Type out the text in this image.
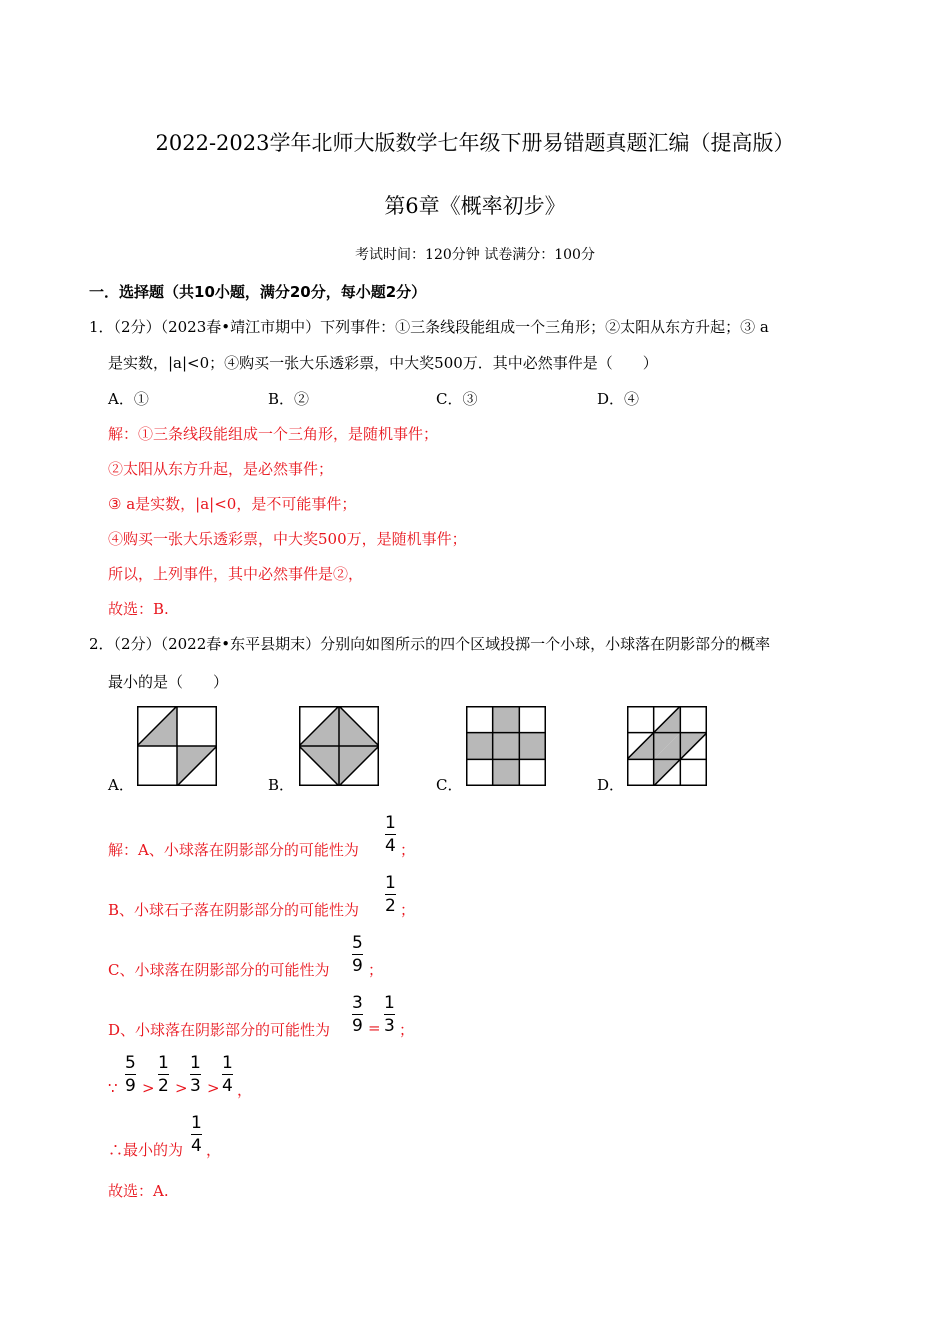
2022-2023学年北师大版数学七年级下册易错题真题汇编（提高版）
第6章《概率初步》
考试时间：120分钟 试卷满分：100分
一．选择题（共10小题，满分20分，每小题2分）
1．（2分）（2023春•靖江市期中）下列事件：①三条线段能组成一个三角形；②太阳从东方升起；③ a
是实数，|a|<0；④购买一张大乐透彩票，中大奖500万．其中必然事件是（　　）
A．①	B．②	C．③	D．④
解：①三条线段能组成一个三角形，是随机事件；
②太阳从东方升起，是必然事件；
③ a是实数，|a|<0，是不可能事件；
④购买一张大乐透彩票，中大奖500万，是随机事件；
所以，上列事件，其中必然事件是②，
故选：B.
2．（2分）（2022春•东平县期末）分别向如图所示的四个区域投掷一个小球，小球落在阴影部分的概率
最小的是（　　）
A．	B．	C．	D．
解：A、小球落在阴影部分的可能性为
1
4 ；
B、小球石子落在阴影部分的可能性为
1
2 ；
C、小球落在阴影部分的可能性为
5
9 ；
D、小球落在阴影部分的可能性为
3
9 =
1
3 ；
∵
5
9 >
1
2 >
1
3 >
1
4 ，
∴最小的为
1
4 ，
故选：A.
